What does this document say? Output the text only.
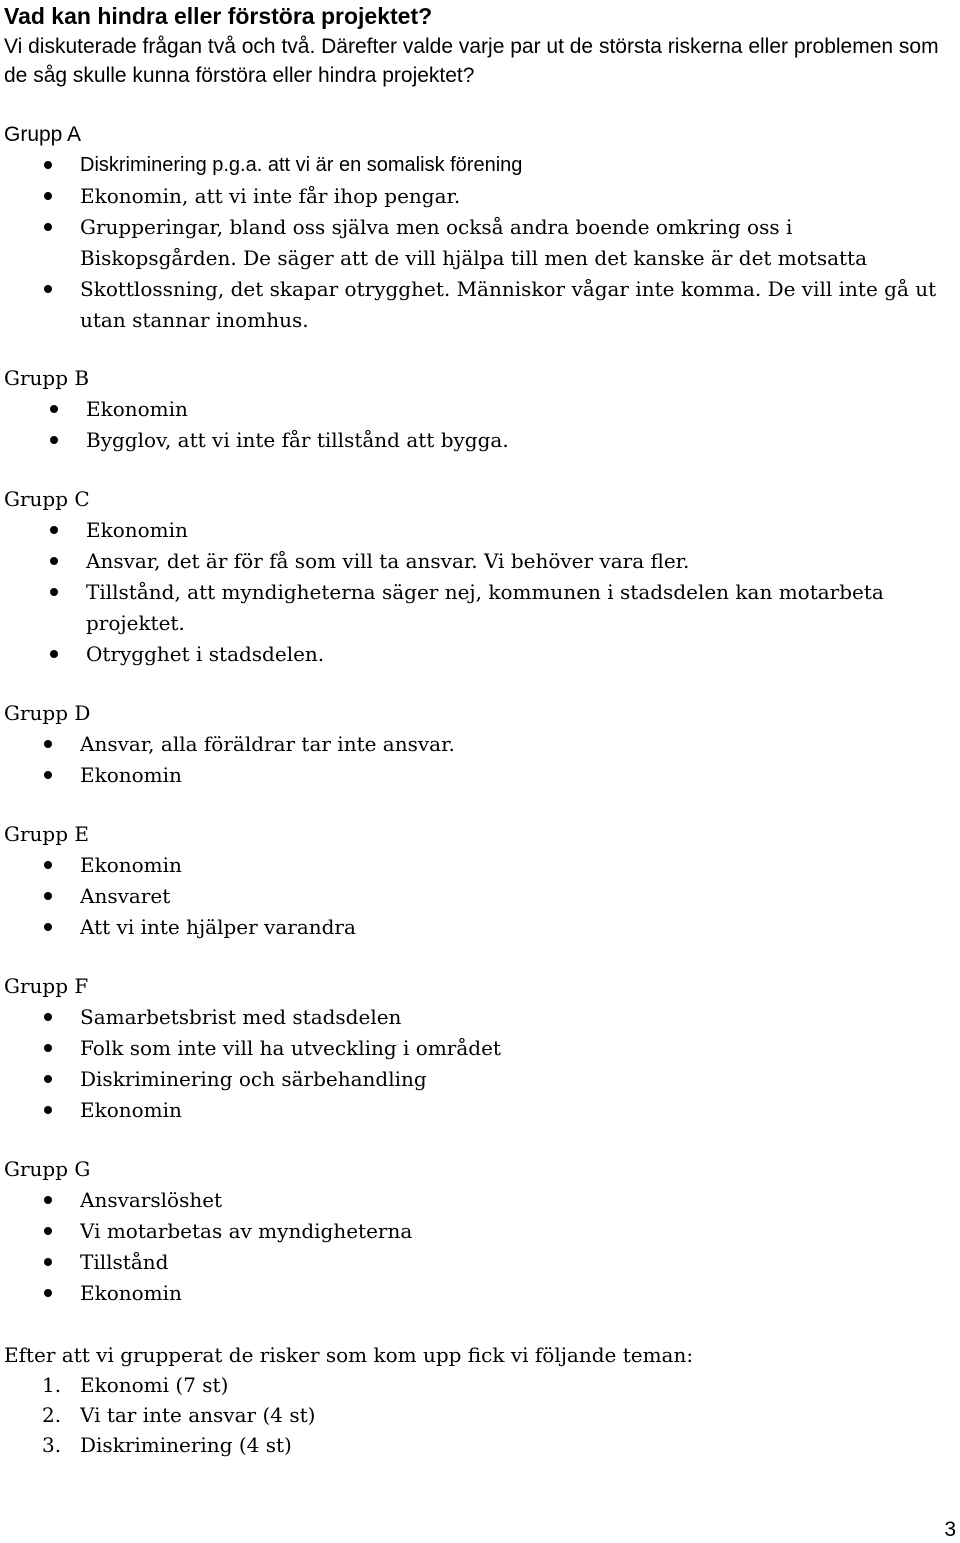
Vad kan hindra eller förstöra projektet?

Vi diskuterade frågan två och två. Därefter valde varje par ut de största riskerna eller problemen som de såg skulle kunna förstöra eller hindra projektet?

Grupp A
Diskriminering p.g.a. att vi är en somalisk förening
Ekonomin, att vi inte får ihop pengar.
Grupperingar, bland oss själva men också andra boende omkring oss i Biskopsgården. De säger att de vill hjälpa till men det kanske är det motsatta
Skottlossning, det skapar otrygghet. Människor vågar inte komma. De vill inte gå ut utan stannar inomhus.
Grupp B
Ekonomin
Bygglov, att vi inte får tillstånd att bygga.
Grupp C
Ekonomin
Ansvar, det är för få som vill ta ansvar. Vi behöver vara fler.
Tillstånd, att myndigheterna säger nej, kommunen i stadsdelen kan motarbeta projektet.
Otrygghet i stadsdelen.
Grupp D
Ansvar, alla föräldrar tar inte ansvar.
Ekonomin
Grupp E
Ekonomin
Ansvaret
Att vi inte hjälper varandra
Grupp F
Samarbetsbrist med stadsdelen
Folk som inte vill ha utveckling i området
Diskriminering och särbehandling
Ekonomin
Grupp G
Ansvarslöshet
Vi motarbetas av myndigheterna
Tillstånd
Ekonomin

Efter att vi grupperat de risker som kom upp fick vi följande teman:

1. Ekonomi (7 st)
2. Vi tar inte ansvar (4 st)
3. Diskriminering (4 st)
3
